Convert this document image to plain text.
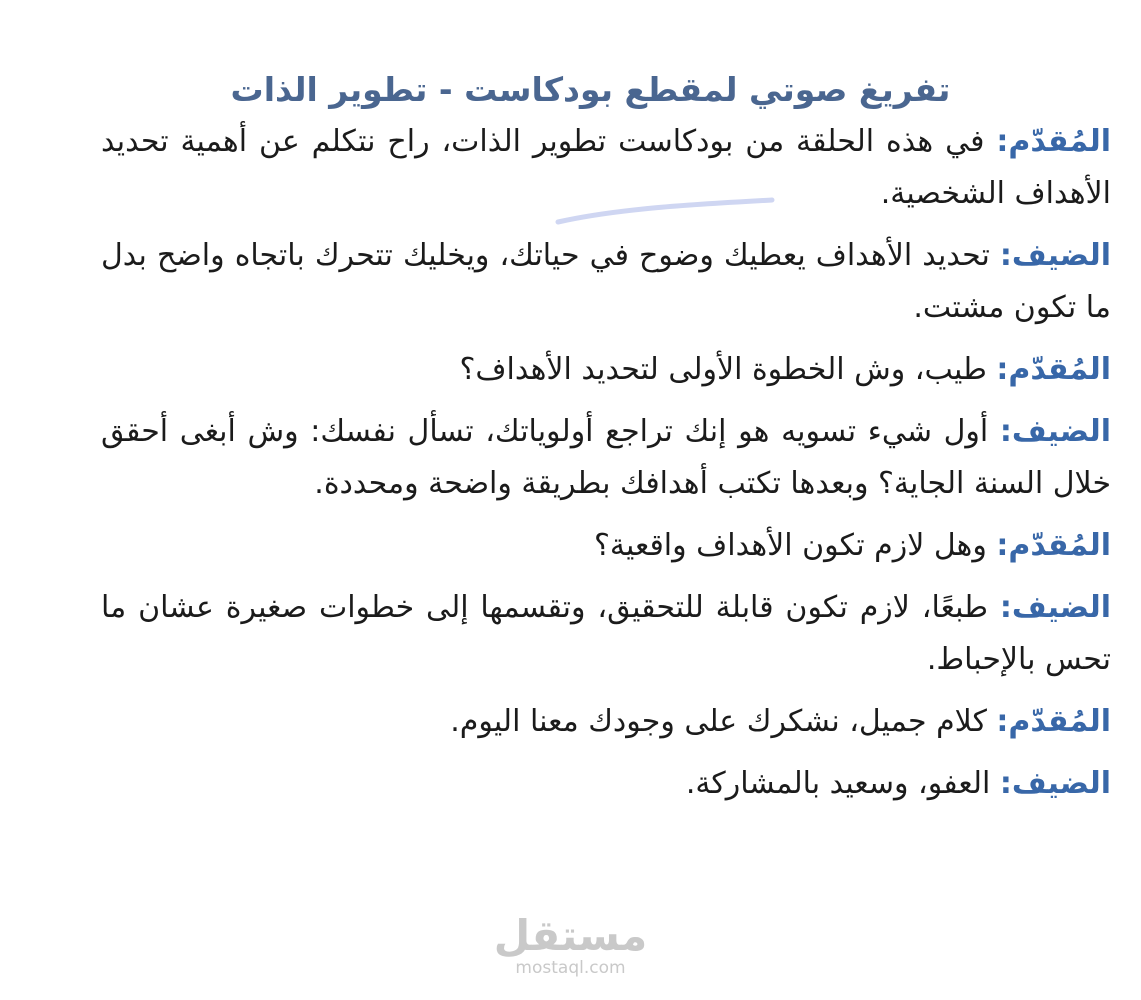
تفريغ صوتي لمقطع بودكاست - تطوير الذات

المُقدّم: في هذه الحلقة من بودكاست تطوير الذات، راح نتكلم عن أهمية تحديد الأهداف الشخصية.

الضيف: تحديد الأهداف يعطيك وضوح في حياتك، ويخليك تتحرك باتجاه واضح بدل ما تكون مشتت.

المُقدّم: طيب، وش الخطوة الأولى لتحديد الأهداف؟

الضيف: أول شيء تسويه هو إنك تراجع أولوياتك، تسأل نفسك: وش أبغى أحقق خلال السنة الجاية؟ وبعدها تكتب أهدافك بطريقة واضحة ومحددة.

المُقدّم: وهل لازم تكون الأهداف واقعية؟

الضيف: طبعًا، لازم تكون قابلة للتحقيق، وتقسمها إلى خطوات صغيرة عشان ما تحس بالإحباط.

المُقدّم: كلام جميل، نشكرك على وجودك معنا اليوم.

الضيف: العفو، وسعيد بالمشاركة.

مستقل
mostaql.com
